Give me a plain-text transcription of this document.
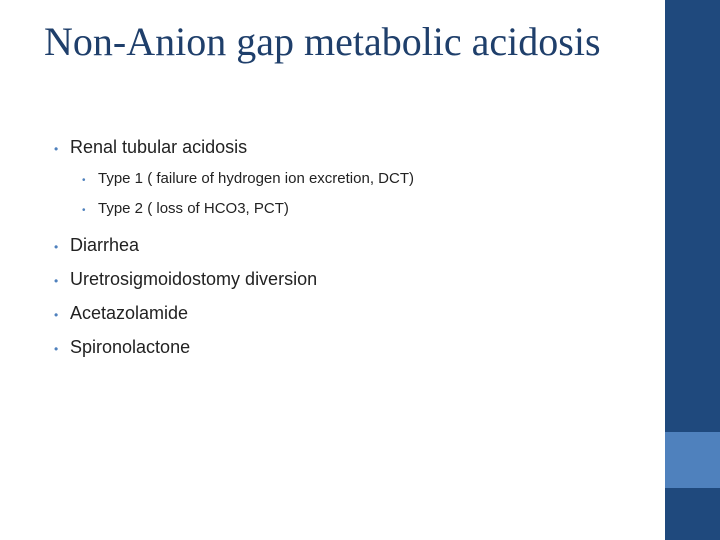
Non-Anion gap metabolic acidosis
• Renal tubular acidosis
• Type 1 ( failure of hydrogen ion excretion, DCT)
• Type 2 ( loss of HCO3, PCT)
• Diarrhea
• Uretrosigmoidostomy diversion
• Acetazolamide
• Spironolactone
